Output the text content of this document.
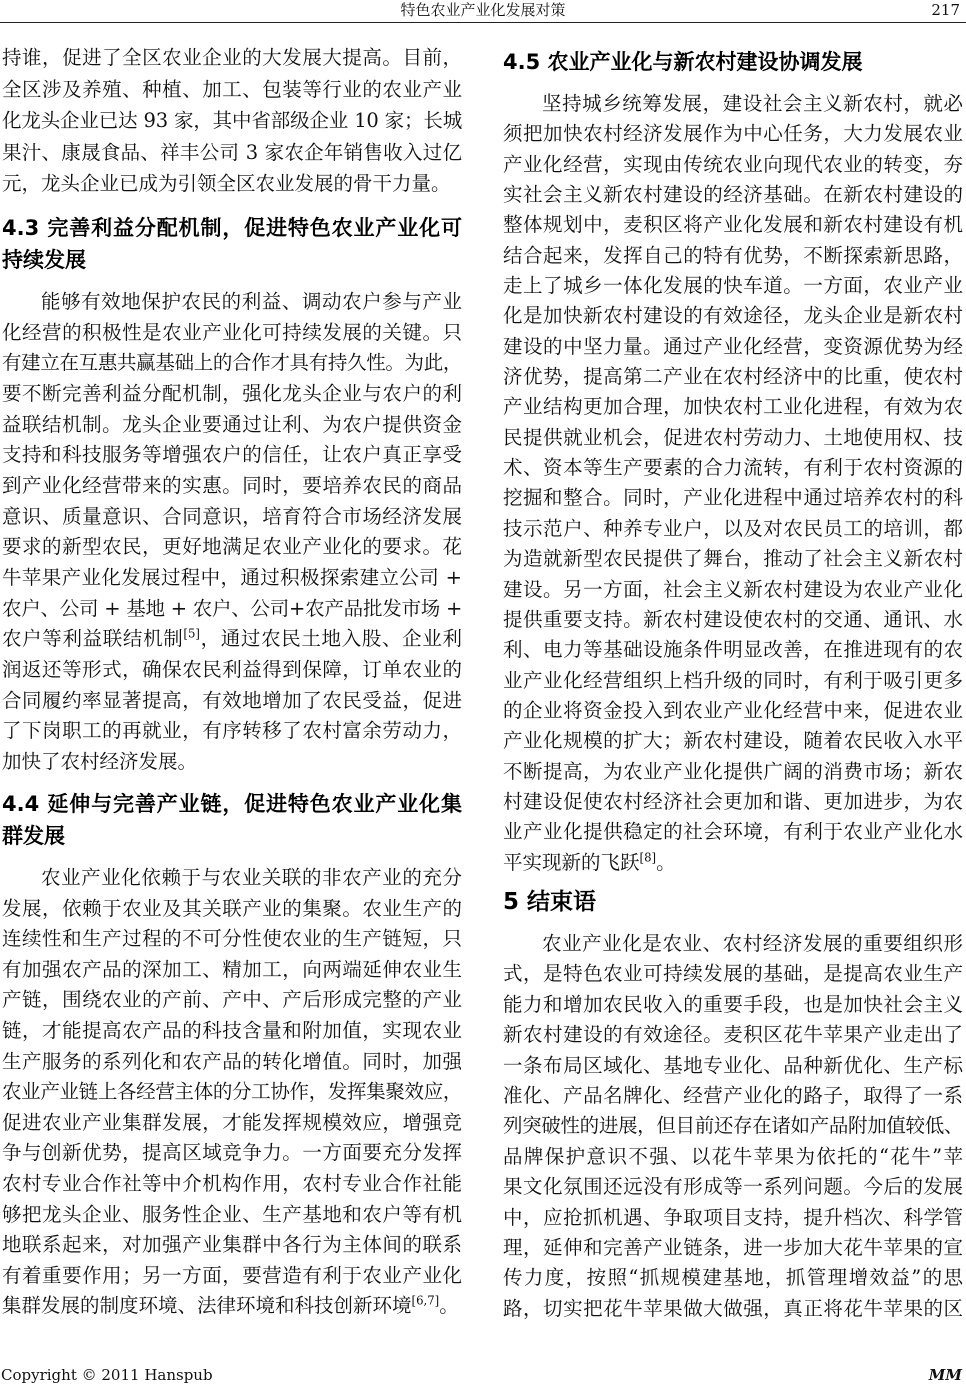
特色农业产业化发展对策	217
持谁，促进了全区农业企业的大发展大提高。目前，
全区涉及养殖、种植、加工、包装等行业的农业产业
化龙头企业已达 93 家，其中省部级企业 10 家；长城
果汁、康晟食品、祥丰公司 3 家农企年销售收入过亿
元，龙头企业已成为引领全区农业发展的骨干力量。
4.3 完善利益分配机制，促进特色农业产业化可
持续发展
能够有效地保护农民的利益、调动农户参与产业
化经营的积极性是农业产业化可持续发展的关键。只
有建立在互惠共赢基础上的合作才具有持久性。为此，
要不断完善利益分配机制，强化龙头企业与农户的利
益联结机制。龙头企业要通过让利、为农户提供资金
支持和科技服务等增强农户的信任，让农户真正享受
到产业化经营带来的实惠。同时，要培养农民的商品
意识、质量意识、合同意识，培育符合市场经济发展
要求的新型农民，更好地满足农业产业化的要求。花
牛苹果产业化发展过程中，通过积极探索建立公司 +
农户、公司 + 基地 + 农户、公司+农产品批发市场 +
农户等利益联结机制[5]，通过农民土地入股、企业利
润返还等形式，确保农民利益得到保障，订单农业的
合同履约率显著提高，有效地增加了农民受益，促进
了下岗职工的再就业，有序转移了农村富余劳动力，
加快了农村经济发展。
4.4 延伸与完善产业链，促进特色农业产业化集
群发展
农业产业化依赖于与农业关联的非农产业的充分
发展，依赖于农业及其关联产业的集聚。农业生产的
连续性和生产过程的不可分性使农业的生产链短，只
有加强农产品的深加工、精加工，向两端延伸农业生
产链，围绕农业的产前、产中、产后形成完整的产业
链，才能提高农产品的科技含量和附加值，实现农业
生产服务的系列化和农产品的转化增值。同时，加强
农业产业链上各经营主体的分工协作，发挥集聚效应，
促进农业产业集群发展，才能发挥规模效应，增强竞
争与创新优势，提高区域竞争力。一方面要充分发挥
农村专业合作社等中介机构作用，农村专业合作社能
够把龙头企业、服务性企业、生产基地和农户等有机
地联系起来，对加强产业集群中各行为主体间的联系
有着重要作用；另一方面，要营造有利于农业产业化
集群发展的制度环境、法律环境和科技创新环境[6,7]。
4.5 农业产业化与新农村建设协调发展
坚持城乡统筹发展，建设社会主义新农村，就必
须把加快农村经济发展作为中心任务，大力发展农业
产业化经营，实现由传统农业向现代农业的转变，夯
实社会主义新农村建设的经济基础。在新农村建设的
整体规划中，麦积区将产业化发展和新农村建设有机
结合起来，发挥自己的特有优势，不断探索新思路，
走上了城乡一体化发展的快车道。一方面，农业产业
化是加快新农村建设的有效途径，龙头企业是新农村
建设的中坚力量。通过产业化经营，变资源优势为经
济优势，提高第二产业在农村经济中的比重，使农村
产业结构更加合理，加快农村工业化进程，有效为农
民提供就业机会，促进农村劳动力、土地使用权、技
术、资本等生产要素的合力流转，有利于农村资源的
挖掘和整合。同时，产业化进程中通过培养农村的科
技示范户、种养专业户，以及对农民员工的培训，都
为造就新型农民提供了舞台，推动了社会主义新农村
建设。另一方面，社会主义新农村建设为农业产业化
提供重要支持。新农村建设使农村的交通、通讯、水
利、电力等基础设施条件明显改善，在推进现有的农
业产业化经营组织上档升级的同时，有利于吸引更多
的企业将资金投入到农业产业化经营中来，促进农业
产业化规模的扩大；新农村建设，随着农民收入水平
不断提高，为农业产业化提供广阔的消费市场；新农
村建设促使农村经济社会更加和谐、更加进步，为农
业产业化提供稳定的社会环境，有利于农业产业化水
平实现新的飞跃[8]。
5 结束语
农业产业化是农业、农村经济发展的重要组织形
式，是特色农业可持续发展的基础，是提高农业生产
能力和增加农民收入的重要手段，也是加快社会主义
新农村建设的有效途径。麦积区花牛苹果产业走出了
一条布局区域化、基地专业化、品种新优化、生产标
准化、产品名牌化、经营产业化的路子，取得了一系
列突破性的进展，但目前还存在诸如产品附加值较低、
品牌保护意识不强、以花牛苹果为依托的“花牛”苹
果文化氛围还远没有形成等一系列问题。今后的发展
中，应抢抓机遇、争取项目支持，提升档次、科学管
理，延伸和完善产业链条，进一步加大花牛苹果的宣
传力度，按照“抓规模建基地，抓管理增效益”的思
路，切实把花牛苹果做大做强，真正将花牛苹果的区
Copyright © 2011 Hanspub	MM
